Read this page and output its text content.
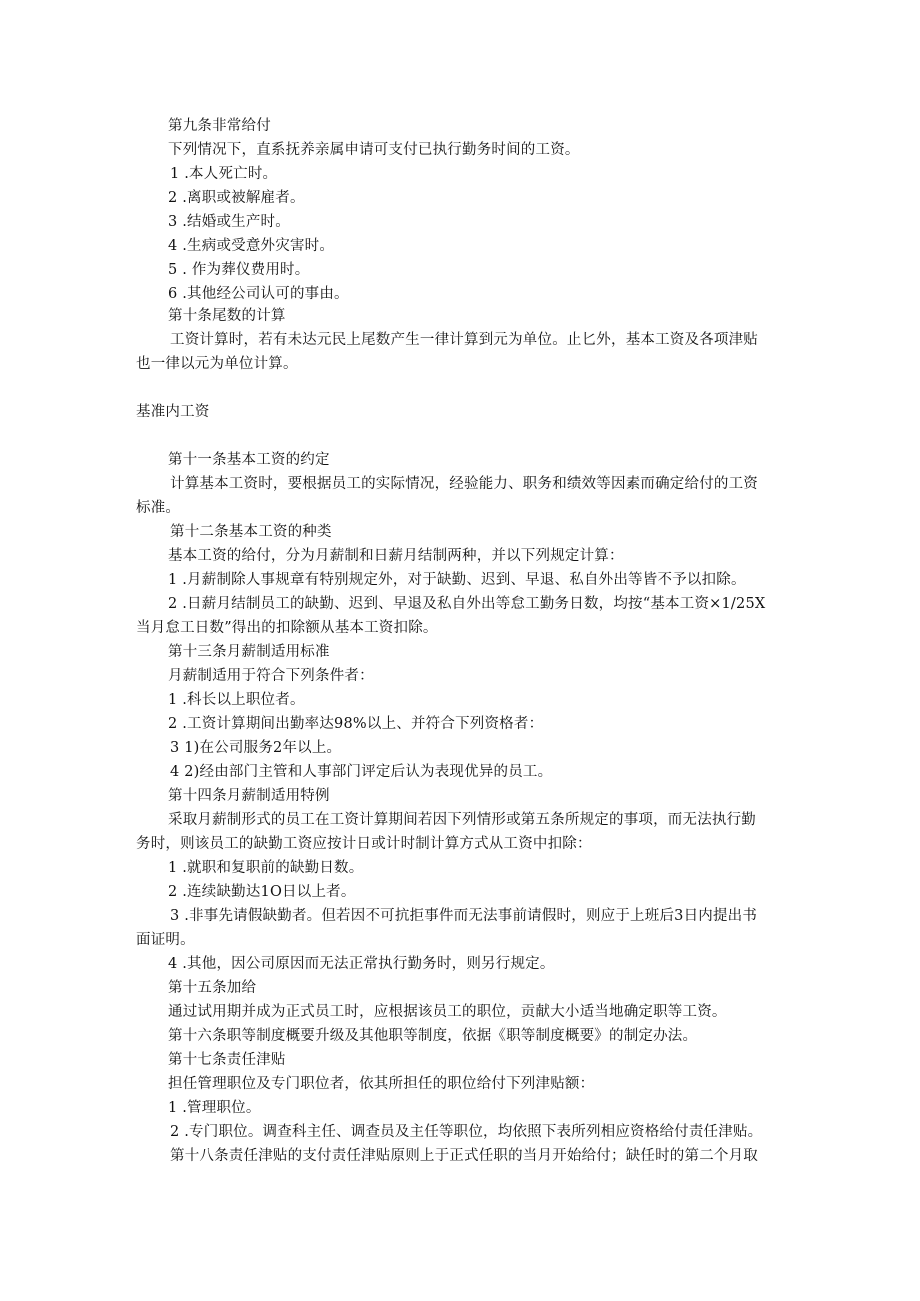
第九条非常给付
下列情况下，直系抚养亲属申请可支付已执行勤务时间的工资。
1 .本人死亡时。
2 .离职或被解雇者。
3 .结婚或生产时。
4 .生病或受意外灾害时。
5 . 作为葬仪费用时。
6 .其他经公司认可的事由。
第十条尾数的计算
工资计算时，若有未达元民上尾数产生一律计算到元为单位。止匕外，基本工资及各项津贴
也一律以元为单位计算。
基准内工资
第十一条基本工资的约定
计算基本工资时，要根据员工的实际情况，经验能力、职务和绩效等因素而确定给付的工资
标准。
第十二条基本工资的种类
基本工资的给付，分为月薪制和日薪月结制两种，并以下列规定计算：
1 .月薪制除人事规章有特别规定外，对于缺勤、迟到、早退、私自外出等皆不予以扣除。
2 .日薪月结制员工的缺勤、迟到、早退及私自外出等怠工勤务日数，均按“基本工资×1/25X
当月怠工日数”得出的扣除额从基本工资扣除。
第十三条月薪制适用标准
月薪制适用于符合下列条件者：
1 .科长以上职位者。
2 .工资计算期间出勤率达98%以上、并符合下列资格者：
3 1)在公司服务2年以上。
4 2)经由部门主管和人事部门评定后认为表现优异的员工。
第十四条月薪制适用特例
采取月薪制形式的员工在工资计算期间若因下列情形或第五条所规定的事项，而无法执行勤
务时，则该员工的缺勤工资应按计日或计时制计算方式从工资中扣除：
1 .就职和复职前的缺勤日数。
2 .连续缺勤达1O日以上者。
3 .非事先请假缺勤者。但若因不可抗拒事件而无法事前请假时，则应于上班后3日内提出书
面证明。
4 .其他，因公司原因而无法正常执行勤务时，则另行规定。
第十五条加给
通过试用期并成为正式员工时，应根据该员工的职位，贡献大小适当地确定职等工资。
第十六条职等制度概要升级及其他职等制度，依据《职等制度概要》的制定办法。
第十七条责任津贴
担任管理职位及专门职位者，依其所担任的职位给付下列津贴额：
1 .管理职位。
2 .专门职位。调查科主任、调查员及主任等职位，均依照下表所列相应资格给付责任津贴。
第十八条责任津贴的支付责任津贴原则上于正式任职的当月开始给付；缺任时的第二个月取
